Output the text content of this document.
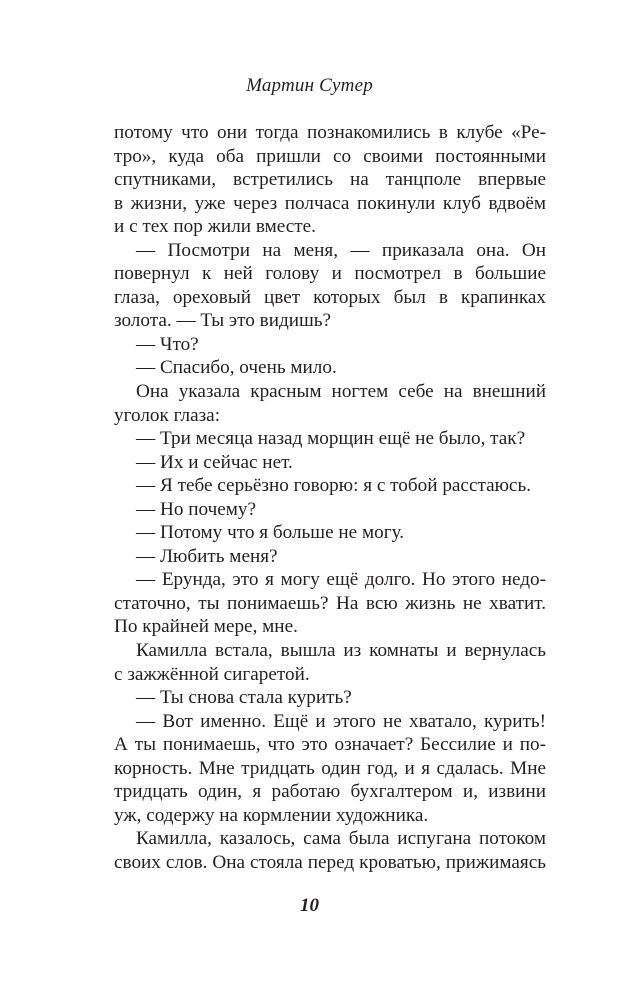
Мартин Сутер
потому что они тогда познакомились в клубе «Ре-
тро», куда оба пришли со своими постоянными
спутниками, встретились на танцполе впервые
в жизни, уже через полчаса покинули клуб вдвоём
и с тех пор жили вместе.
— Посмотри на меня, — приказала она. Он
повернул к ней голову и посмотрел в большие
глаза, ореховый цвет которых был в крапинках
золота. — Ты это видишь?
— Что?
— Спасибо, очень мило.
Она указала красным ногтем себе на внешний
уголок глаза:
— Три месяца назад морщин ещё не было, так?
— Их и сейчас нет.
— Я тебе серьёзно говорю: я с тобой расстаюсь.
— Но почему?
— Потому что я больше не могу.
— Любить меня?
— Ерунда, это я могу ещё долго. Но этого недо-
статочно, ты понимаешь? На всю жизнь не хватит.
По крайней мере, мне.
Камилла встала, вышла из комнаты и вернулась
с зажжённой сигаретой.
— Ты снова стала курить?
— Вот именно. Ещё и этого не хватало, курить!
А ты понимаешь, что это означает? Бессилие и по-
корность. Мне тридцать один год, и я сдалась. Мне
тридцать один, я работаю бухгалтером и, извини
уж, содержу на кормлении художника.
Камилла, казалось, сама была испугана потоком
своих слов. Она стояла перед кроватью, прижимаясь
10
